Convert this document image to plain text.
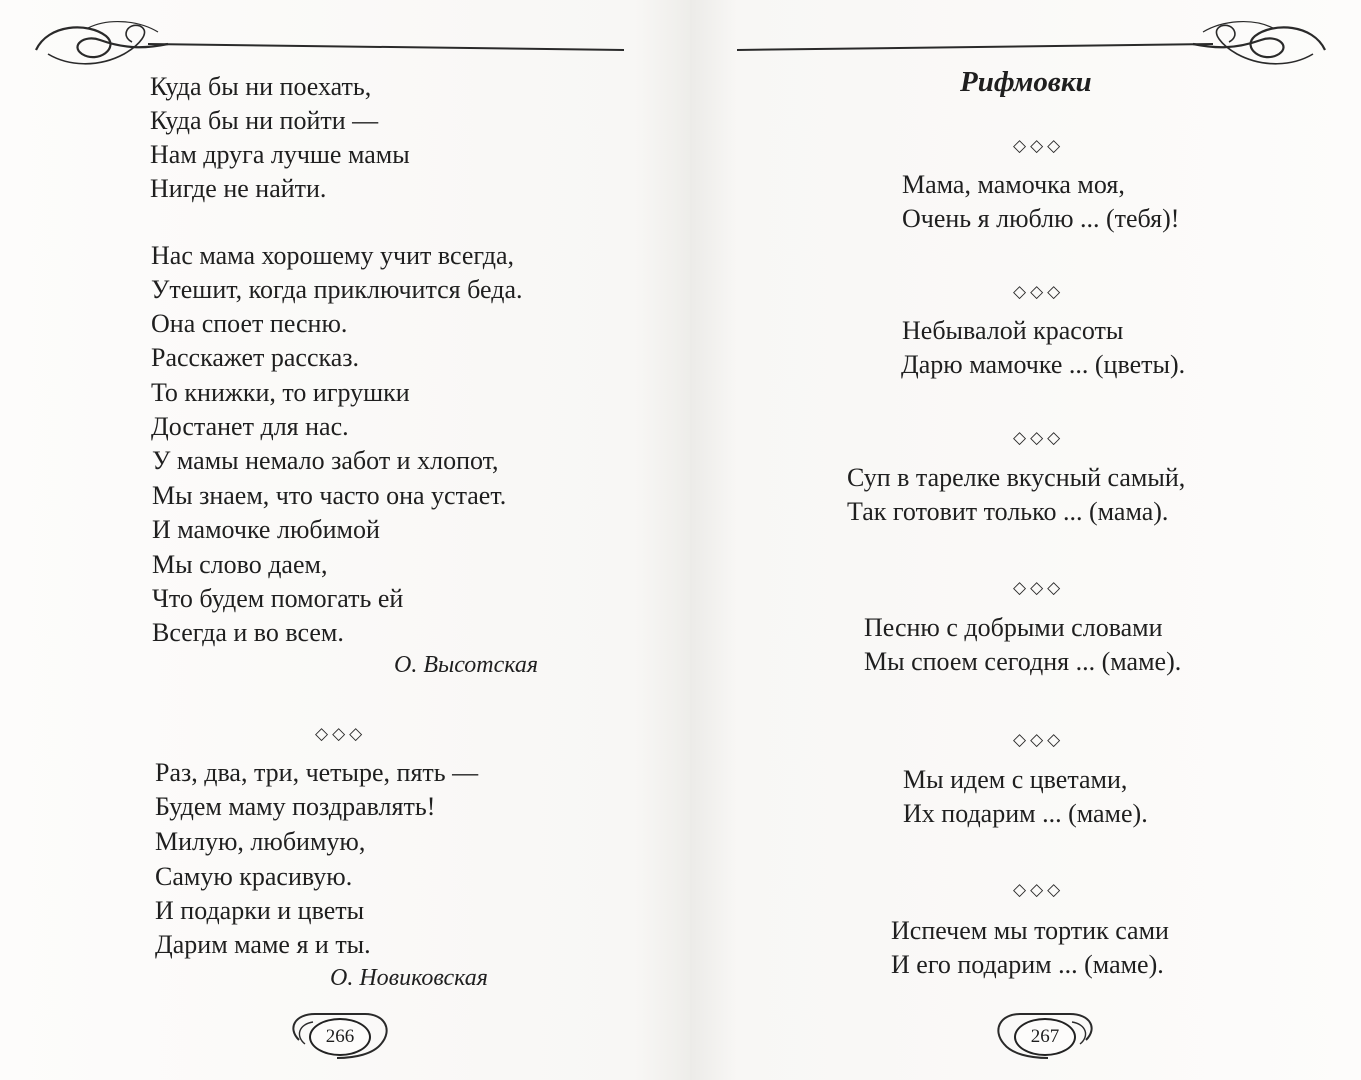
Куда бы ни поехать,
Куда бы ни пойти —
Нам друга лучше мамы
Нигде не найти.
Нас мама хорошему учит всегда,
Утешит, когда приключится беда.
Она споет песню.
Расскажет рассказ.
То книжки, то игрушки
Достанет для нас.
У мамы немало забот и хлопот,
Мы знаем, что часто она устает.
И мамочке любимой
Мы слово даем,
Что будем помогать ей
Всегда и во всем.
О. Высотская
◇◇◇
Раз, два, три, четыре, пять —
Будем маму поздравлять!
Милую, любимую,
Самую красивую.
И подарки и цветы
Дарим маме я и ты.
О. Новиковская
266
Рифмовки
◇◇◇
Мама, мамочка моя,
Очень я люблю ... (тебя)!
◇◇◇
Небывалой красоты
Дарю мамочке ... (цветы).
◇◇◇
Суп в тарелке вкусный самый,
Так готовит только ... (мама).
◇◇◇
Песню с добрыми словами
Мы споем сегодня ... (маме).
◇◇◇
Мы идем с цветами,
Их подарим ... (маме).
◇◇◇
Испечем мы тортик сами
И его подарим ... (маме).
267
